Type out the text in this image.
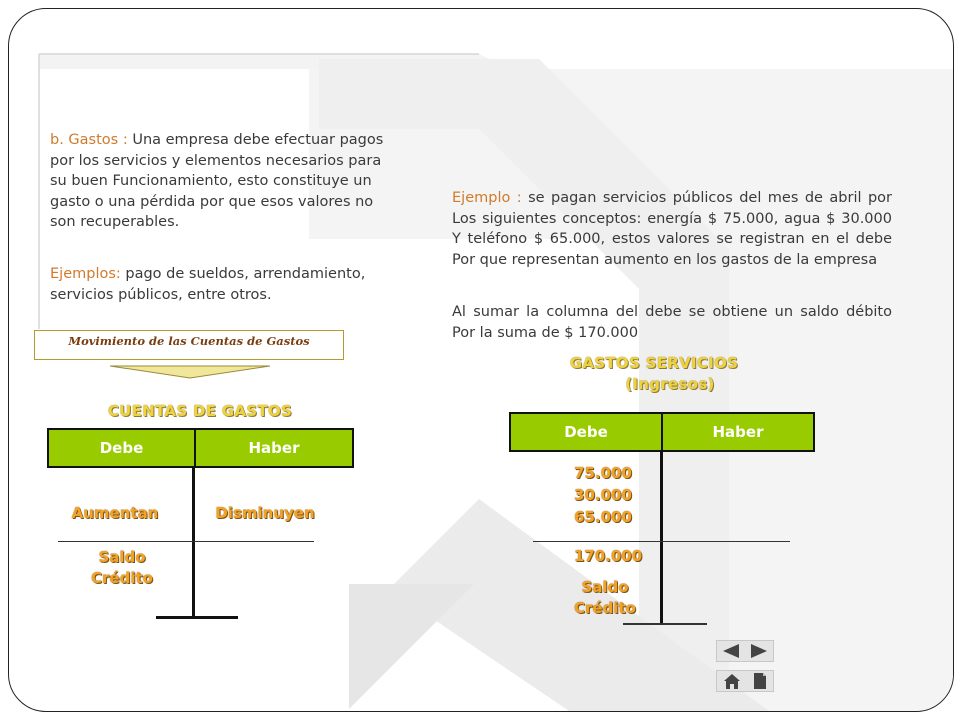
b. Gastos : Una empresa debe efectuar pagos por los servicios y elementos necesarios para su buen Funcionamiento, esto constituye un gasto o una pérdida por que esos valores no son recuperables.

Ejemplos: pago de sueldos, arrendamiento, servicios públicos, entre otros.

Movimiento de las Cuentas de Gastos
CUENTAS DE GASTOS
Debe	Haber
Aumentan	Disminuyen
Saldo
Crédito

Ejemplo : se pagan servicios públicos del mes de abril por Los siguientes conceptos: energía $ 75.000, agua $ 30.000 Y teléfono $ 65.000, estos valores se registran en el debe Por que representan aumento en los gastos de la empresa

Al sumar la columna del debe se obtiene un saldo débito Por la suma de $ 170.000

GASTOS SERVICIOS
(Ingresos)
Debe	Haber
75.000
30.000
65.000
170.000
Saldo
Crédito
